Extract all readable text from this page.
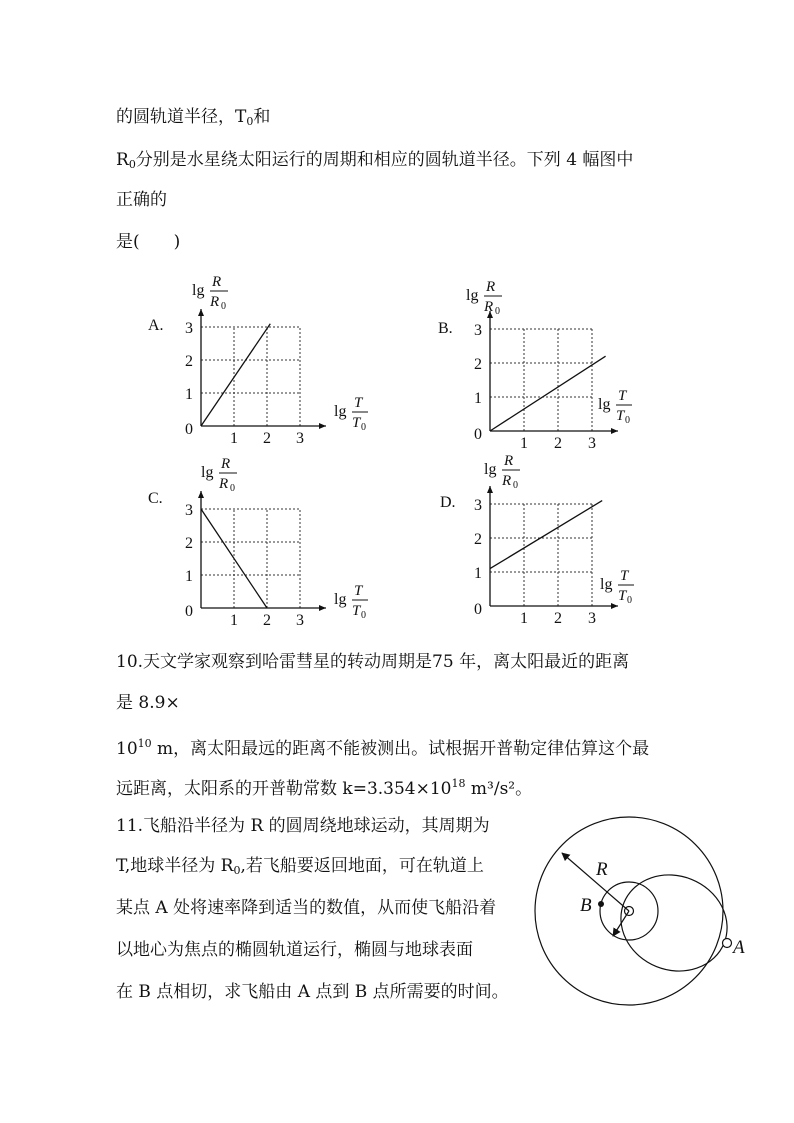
的圆轨道半径，$T_0$和
$R_0$分别是水星绕太阳运行的周期和相应的圆轨道半径。下列 4 幅图中
正确的
是(　　)
1 2 3
1
2
3
0
A.
lg R
R 0
lg T
T 0
1 2 3
1
2
3
0
B.
lg R
R 0
lg T
T 0
1 2 3
1
2
3
0
C.
lg R
R 0
lg T
T 0	1 2 3
1
2
3
0
D.
lg R
R 0
lg T
T 0
10.天文学家观察到哈雷彗星的转动周期是75 年，离太阳最近的距离
是 8.9×
$10^{10}$ m，离太阳最远的距离不能被测出。试根据开普勒定律估算这个最
远距离，太阳系的开普勒常数 $k=3.354\times 10^{18}$ m³/s²。
11.飞船沿半径为 R 的圆周绕地球运动，其周期为
T,地球半径为 $R_0$,若飞船要返回地面，可在轨道上
某点 A 处将速率降到适当的数值，从而使飞船沿着
以地心为焦点的椭圆轨道运行，椭圆与地球表面
在 B 点相切，求飞船由 A 点到 B 点所需要的时间。
R
B
A
